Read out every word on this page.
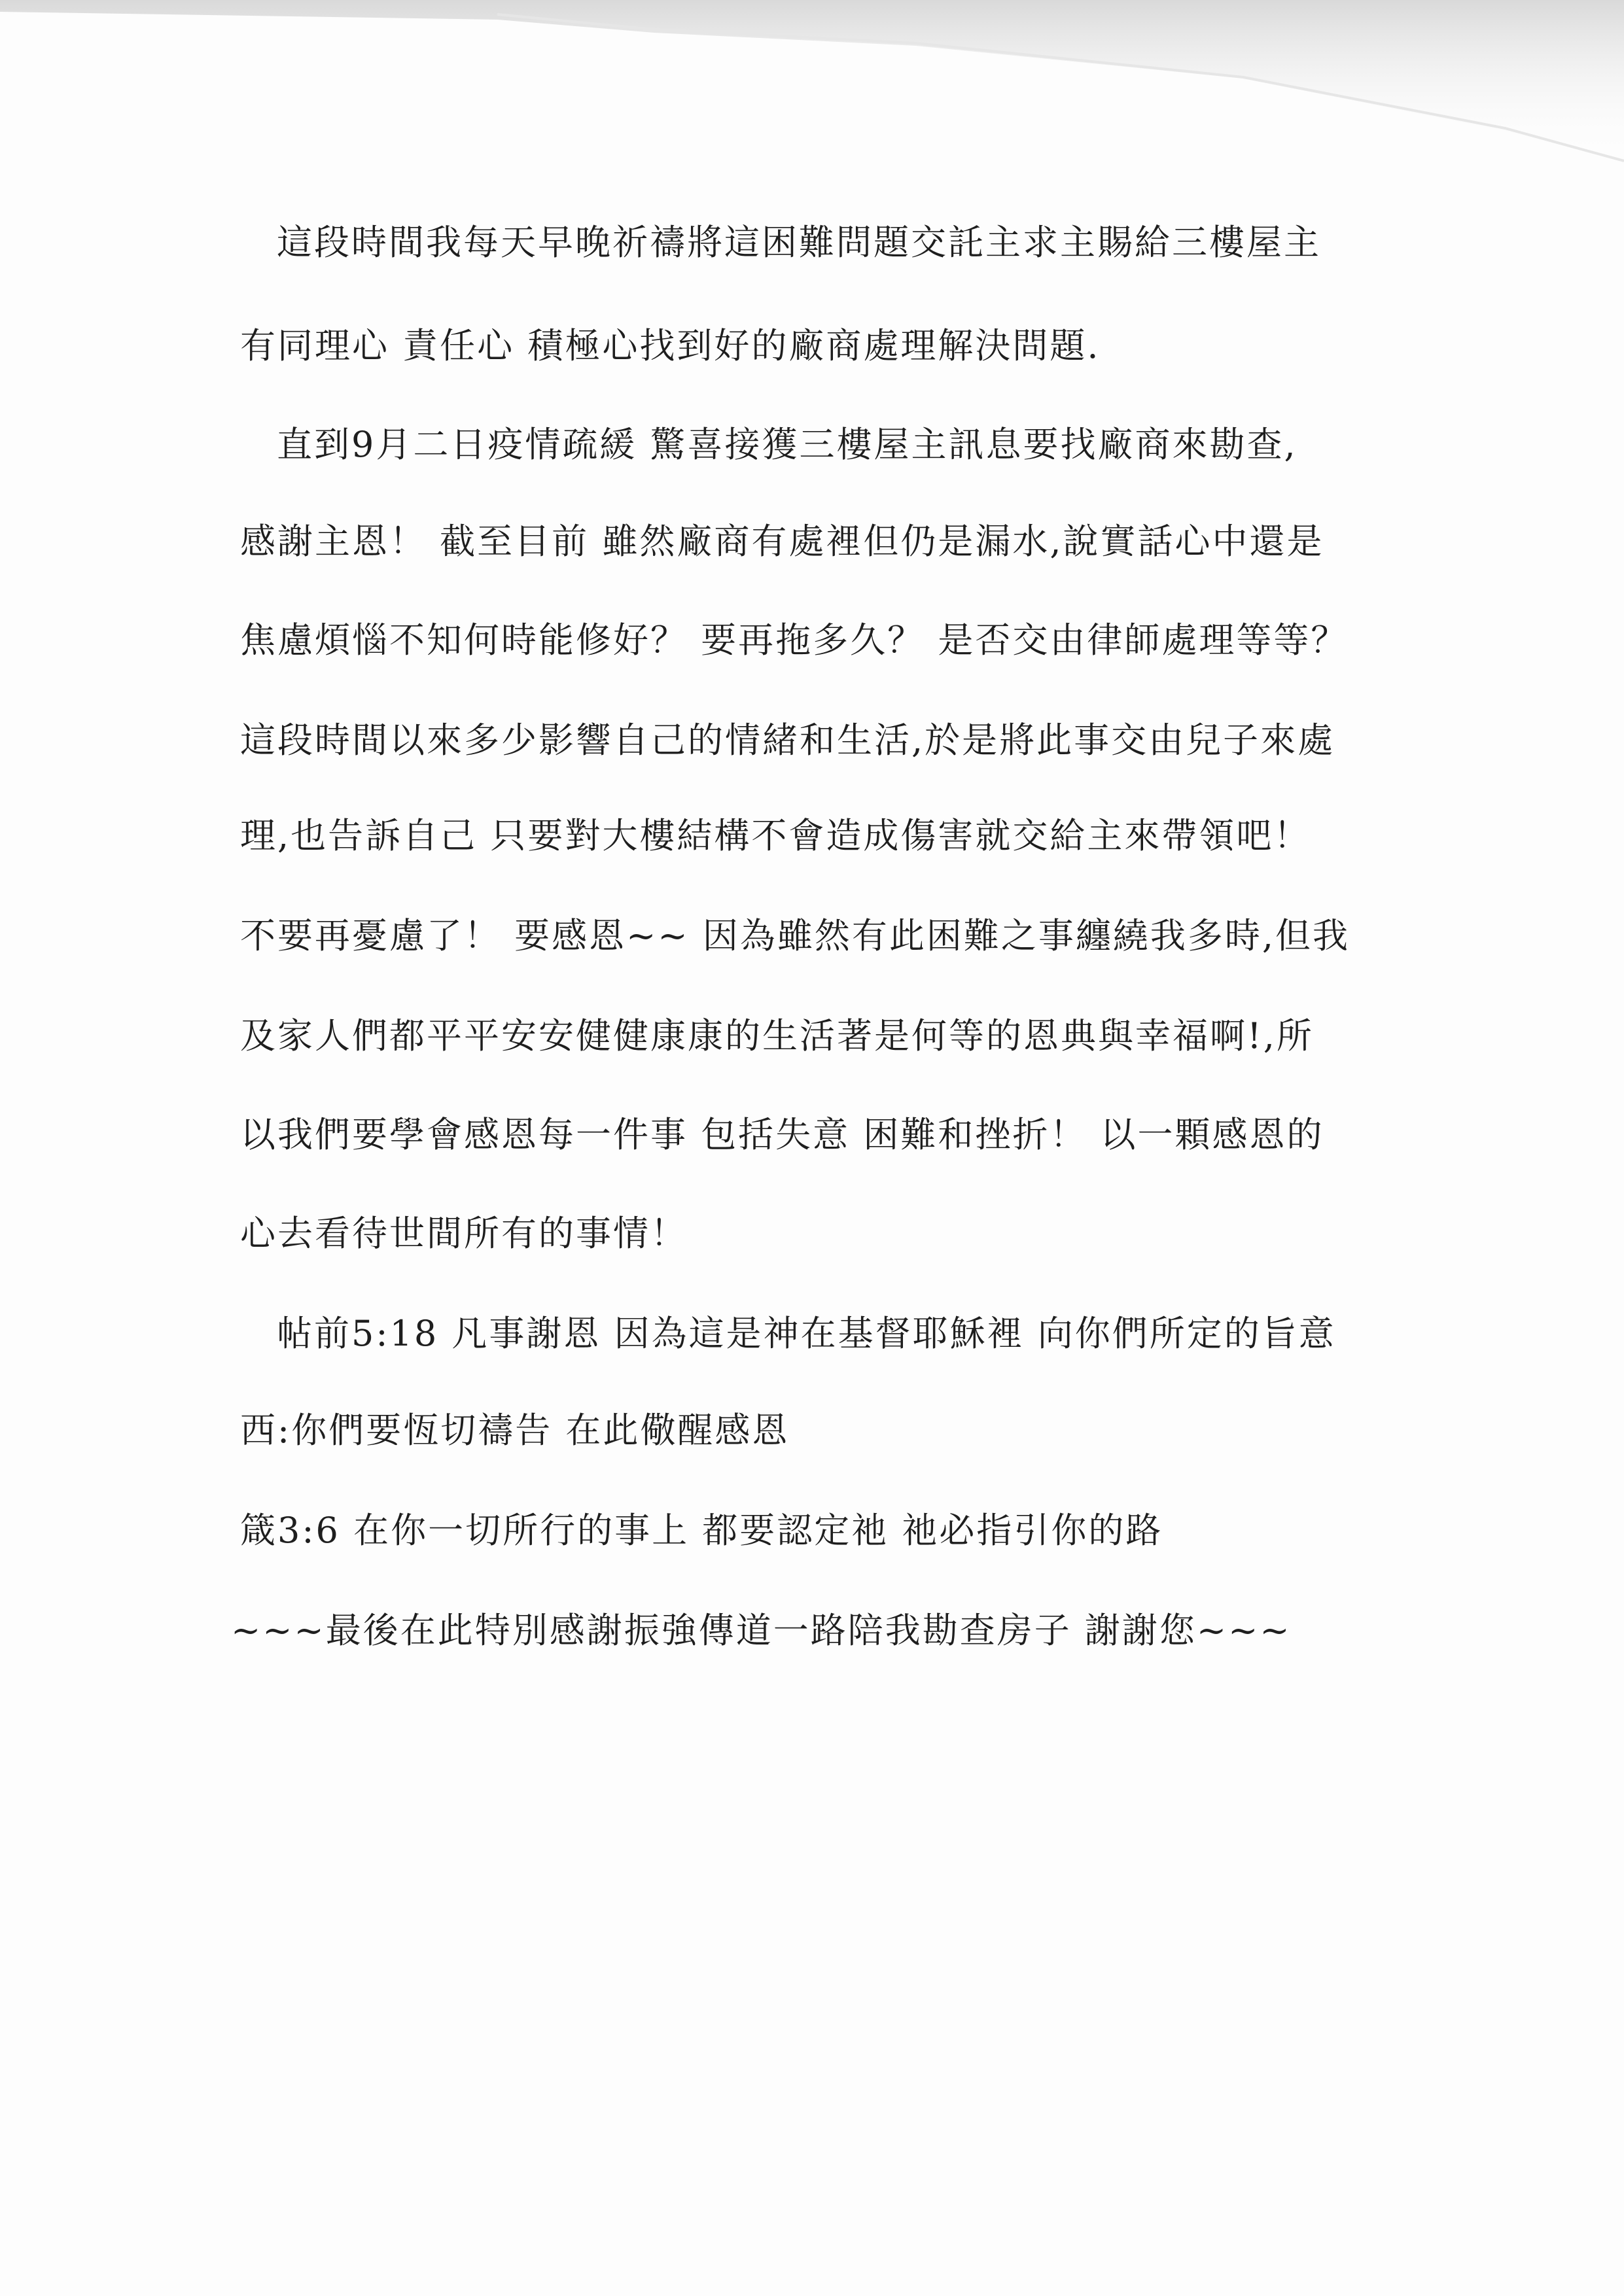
這段時間我每天早晚祈禱將這困難問題交託主求主賜給三樓屋主
有同理心 責任心 積極心找到好的廠商處理解決問題.
直到9月二日疫情疏緩 驚喜接獲三樓屋主訊息要找廠商來勘查,
感謝主恩！ 截至目前 雖然廠商有處裡但仍是漏水,說實話心中還是
焦慮煩惱不知何時能修好？ 要再拖多久？ 是否交由律師處理等等？
這段時間以來多少影響自己的情緒和生活,於是將此事交由兒子來處
理,也告訴自己 只要對大樓結構不會造成傷害就交給主來帶領吧！
不要再憂慮了！ 要感恩~~ 因為雖然有此困難之事纏繞我多時,但我
及家人們都平平安安健健康康的生活著是何等的恩典與幸福啊!,所
以我們要學會感恩每一件事 包括失意 困難和挫折！ 以一顆感恩的
心去看待世間所有的事情！
帖前5:18 凡事謝恩 因為這是神在基督耶穌裡 向你們所定的旨意
西:你們要恆切禱告 在此儆醒感恩
箴3:6 在你一切所行的事上 都要認定祂 祂必指引你的路
~~~最後在此特別感謝振強傳道一路陪我勘查房子 謝謝您~~~
